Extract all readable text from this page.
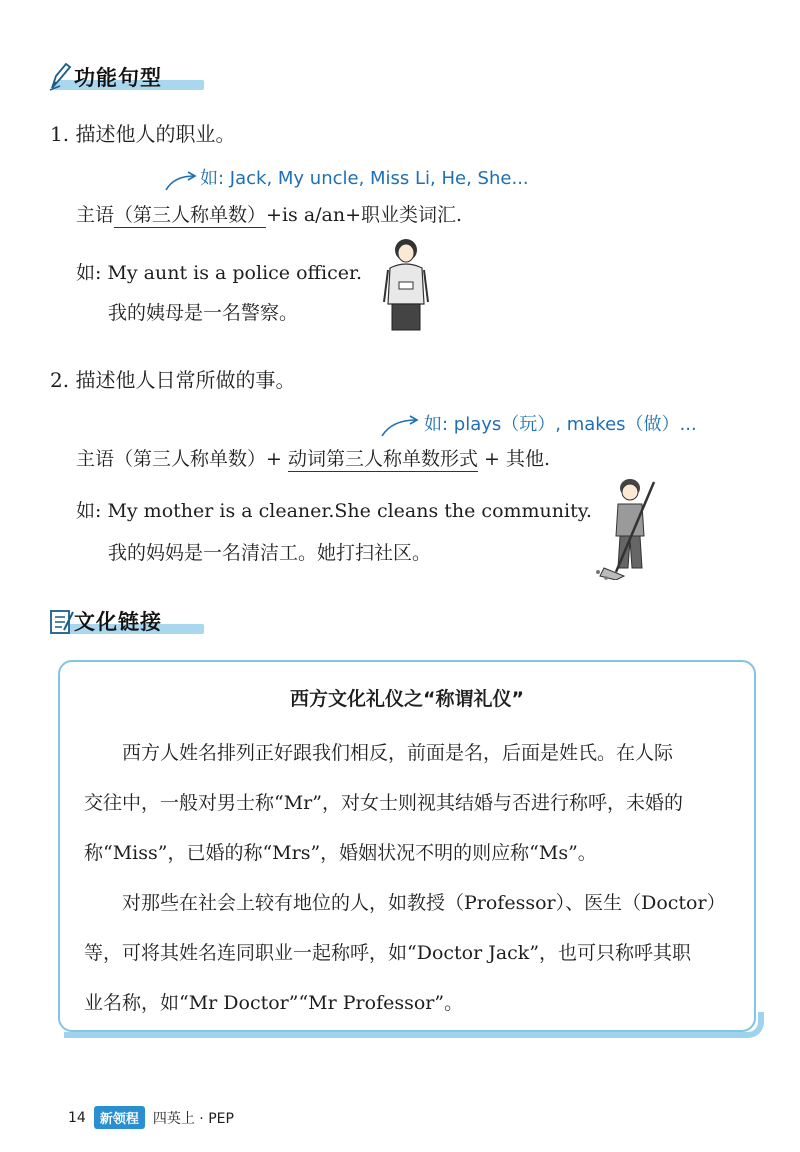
功能句型
1. 描述他人的职业。
如: Jack, My uncle, Miss Li, He, She...
主语（第三人称单数）+is a/an+职业类词汇.
如: My aunt is a police officer.
我的姨母是一名警察。
2. 描述他人日常所做的事。
如: plays（玩）, makes（做）...
主语（第三人称单数）+ 动词第三人称单数形式 + 其他.
如: My mother is a cleaner.She cleans the community.
我的妈妈是一名清洁工。她打扫社区。
文化链接
西方文化礼仪之“称谓礼仪”
西方人姓名排列正好跟我们相反，前面是名，后面是姓氏。在人际
交往中，一般对男士称“Mr”，对女士则视其结婚与否进行称呼，未婚的
称“Miss”，已婚的称“Mrs”，婚姻状况不明的则应称“Ms”。
对那些在社会上较有地位的人，如教授（Professor）、医生（Doctor）
等，可将其姓名连同职业一起称呼，如“Doctor Jack”，也可只称呼其职
业名称，如“Mr Doctor”“Mr Professor”。
14	新领程	四英上 · PEP
